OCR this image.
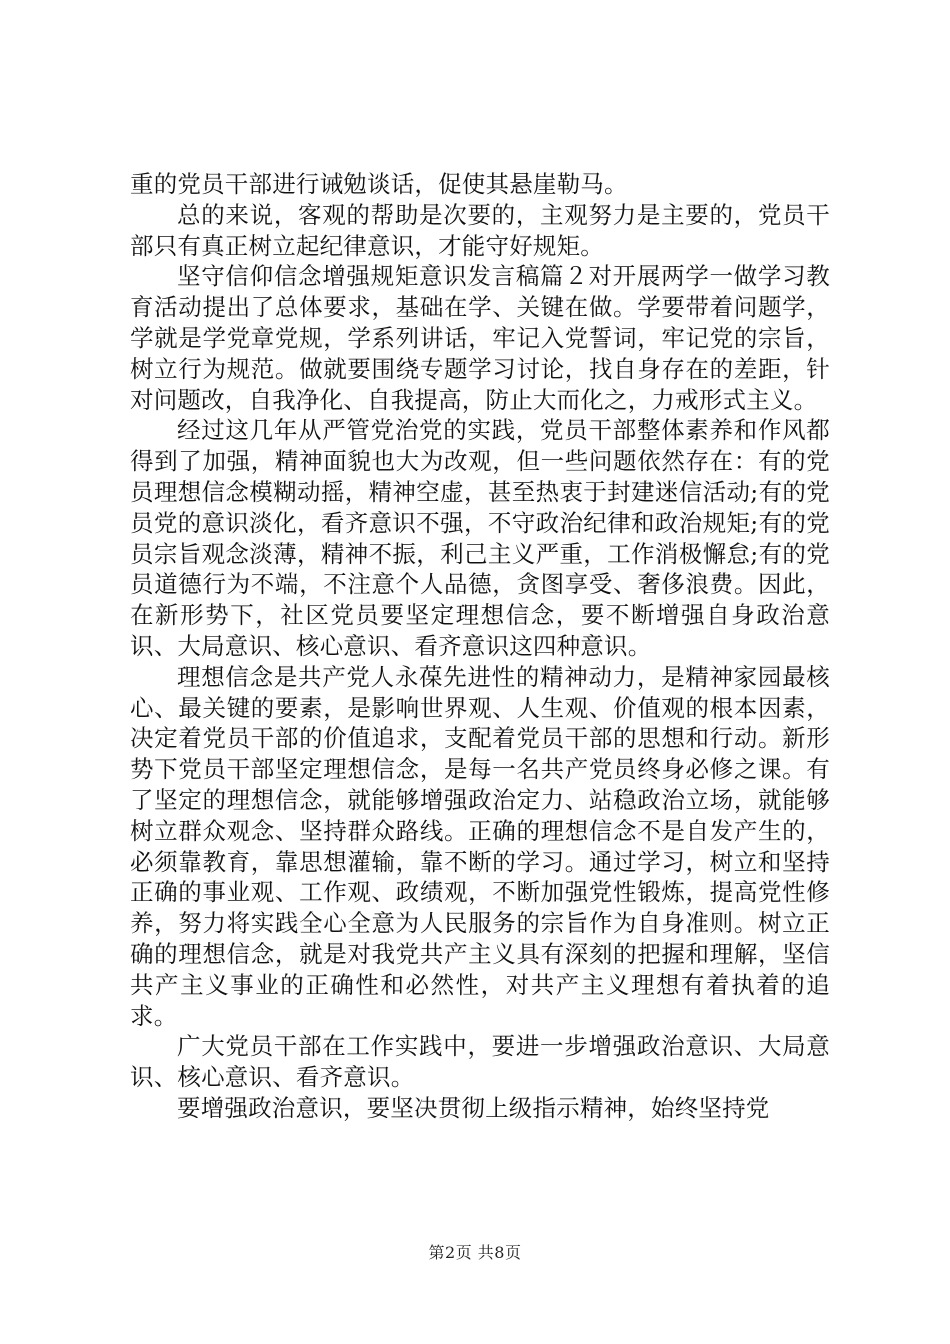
重的党员干部进行诫勉谈话，促使其悬崖勒马。

总的来说，客观的帮助是次要的，主观努力是主要的，党员干部只有真正树立起纪律意识，才能守好规矩。

坚守信仰信念增强规矩意识发言稿篇２对开展两学一做学习教育活动提出了总体要求，基础在学、关键在做。学要带着问题学，学就是学党章党规，学系列讲话，牢记入党誓词，牢记党的宗旨，树立行为规范。做就要围绕专题学习讨论，找自身存在的差距，针对问题改，自我净化、自我提高，防止大而化之，力戒形式主义。

经过这几年从严管党治党的实践，党员干部整体素养和作风都得到了加强，精神面貌也大为改观，但一些问题依然存在：有的党员理想信念模糊动摇，精神空虚，甚至热衷于封建迷信活动;有的党员党的意识淡化，看齐意识不强，不守政治纪律和政治规矩;有的党员宗旨观念淡薄，精神不振，利己主义严重，工作消极懈怠;有的党员道德行为不端，不注意个人品德，贪图享受、奢侈浪费。因此，在新形势下，社区党员要坚定理想信念，要不断增强自身政治意识、大局意识、核心意识、看齐意识这四种意识。

理想信念是共产党人永葆先进性的精神动力，是精神家园最核心、最关键的要素，是影响世界观、人生观、价值观的根本因素，决定着党员干部的价值追求，支配着党员干部的思想和行动。新形势下党员干部坚定理想信念，是每一名共产党员终身必修之课。有了坚定的理想信念，就能够增强政治定力、站稳政治立场，就能够树立群众观念、坚持群众路线。正确的理想信念不是自发产生的，必须靠教育，靠思想灌输，靠不断的学习。通过学习，树立和坚持正确的事业观、工作观、政绩观，不断加强党性锻炼，提高党性修养，努力将实践全心全意为人民服务的宗旨作为自身准则。树立正确的理想信念，就是对我党共产主义具有深刻的把握和理解，坚信共产主义事业的正确性和必然性，对共产主义理想有着执着的追求。

广大党员干部在工作实践中，要进一步增强政治意识、大局意识、核心意识、看齐意识。

要增强政治意识，要坚决贯彻上级指示精神，始终坚持党

第2页 共8页
